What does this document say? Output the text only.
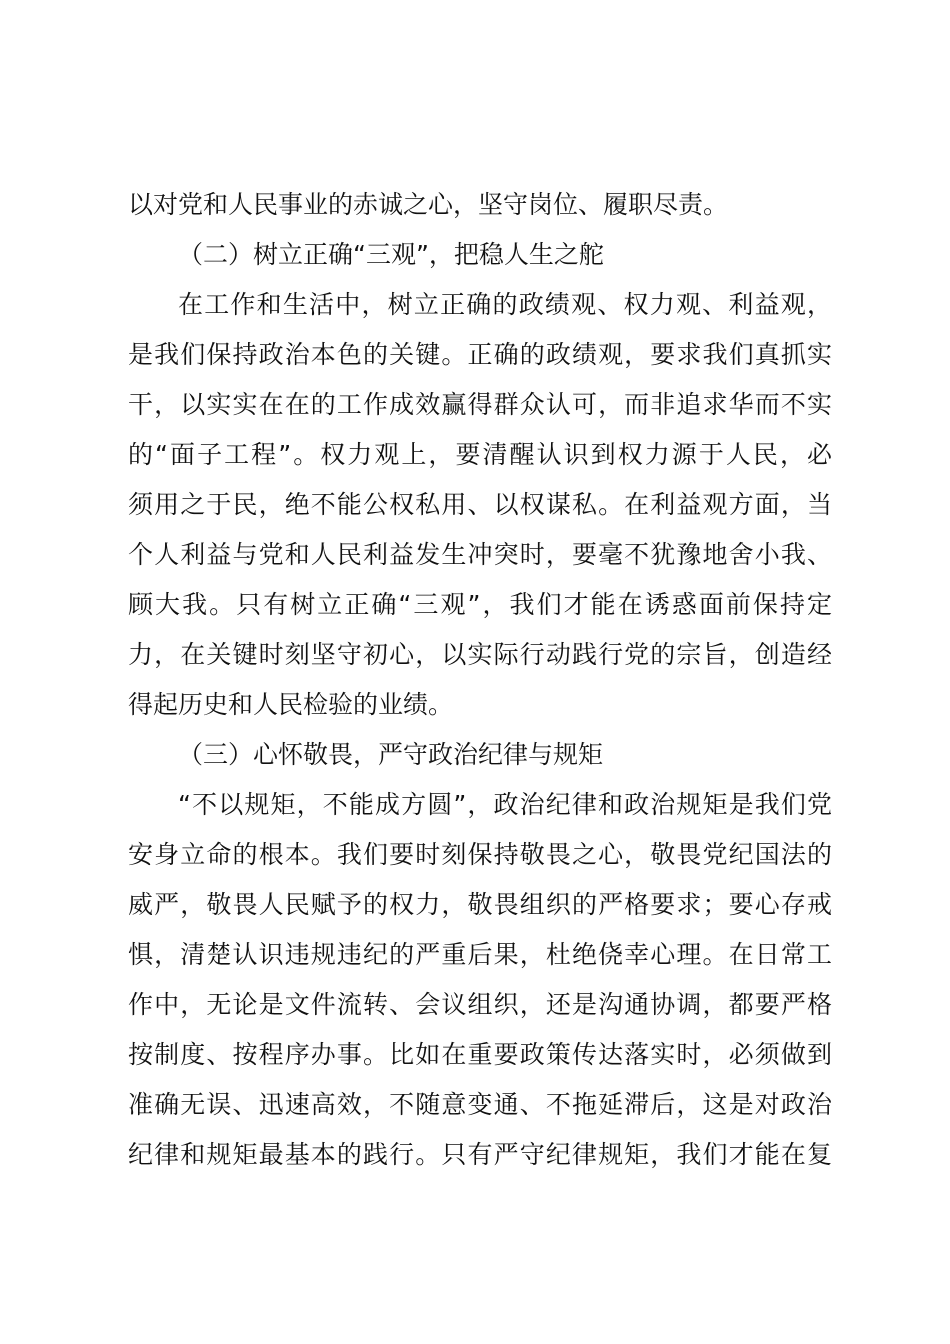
以对党和人民事业的赤诚之心，坚守岗位、履职尽责。
（二）树立正确“三观”，把稳人生之舵
在工作和生活中，树立正确的政绩观、权力观、利益观，
是我们保持政治本色的关键。正确的政绩观，要求我们真抓实
干，以实实在在的工作成效赢得群众认可，而非追求华而不实
的“面子工程”。权力观上，要清醒认识到权力源于人民，必
须用之于民，绝不能公权私用、以权谋私。在利益观方面，当
个人利益与党和人民利益发生冲突时，要毫不犹豫地舍小我、
顾大我。只有树立正确“三观”，我们才能在诱惑面前保持定
力，在关键时刻坚守初心，以实际行动践行党的宗旨，创造经
得起历史和人民检验的业绩。
（三）心怀敬畏，严守政治纪律与规矩
“不以规矩，不能成方圆”，政治纪律和政治规矩是我们党
安身立命的根本。我们要时刻保持敬畏之心，敬畏党纪国法的
威严，敬畏人民赋予的权力，敬畏组织的严格要求；要心存戒
惧，清楚认识违规违纪的严重后果，杜绝侥幸心理。在日常工
作中，无论是文件流转、会议组织，还是沟通协调，都要严格
按制度、按程序办事。比如在重要政策传达落实时，必须做到
准确无误、迅速高效，不随意变通、不拖延滞后，这是对政治
纪律和规矩最基本的践行。只有严守纪律规矩，我们才能在复
